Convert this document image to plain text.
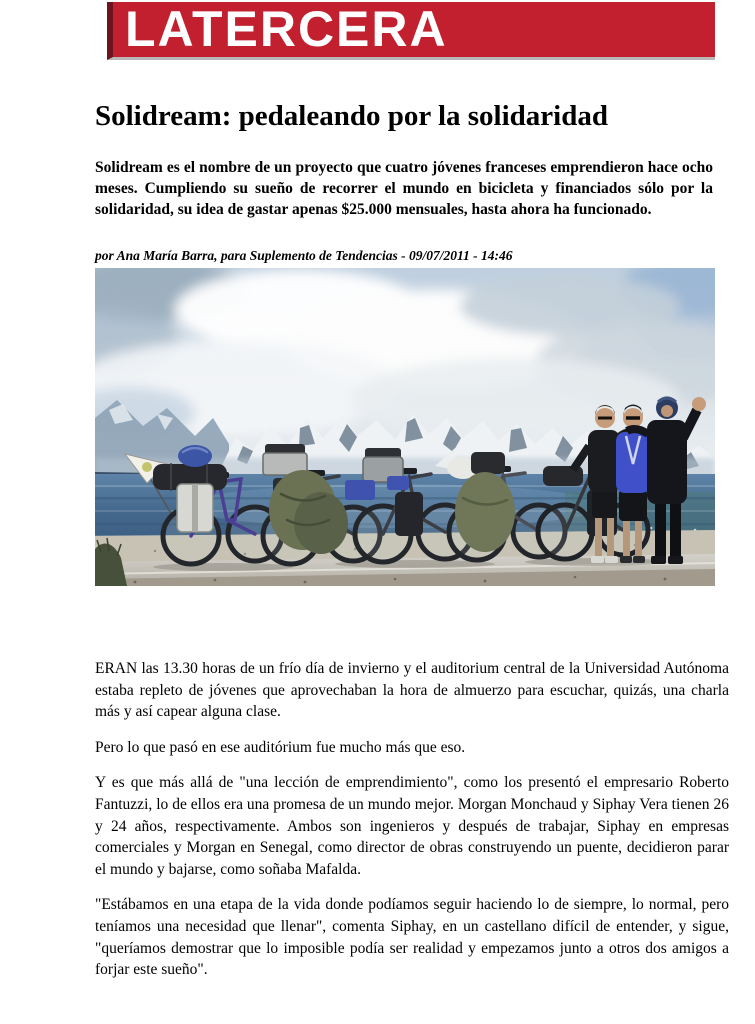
LATERCERA
Solidream: pedaleando por la solidaridad

Solidream es el nombre de un proyecto que cuatro jóvenes franceses emprendieron hace ocho meses. Cumpliendo su sueño de recorrer el mundo en bicicleta y financiados sólo por la solidaridad, su idea de gastar apenas $25.000 mensuales, hasta ahora ha funcionado.

por Ana María Barra, para Suplemento de Tendencias - 09/07/2011 - 14:46

ERAN las 13.30 horas de un frío día de invierno y el auditorium central de la Universidad Autónoma estaba repleto de jóvenes que aprovechaban la hora de almuerzo para escuchar, quizás, una charla más y así capear alguna clase.

Pero lo que pasó en ese auditórium fue mucho más que eso.

Y es que más allá de "una lección de emprendimiento", como los presentó el empresario Roberto Fantuzzi, lo de ellos era una promesa de un mundo mejor. Morgan Monchaud y Siphay Vera tienen 26 y 24 años, respectivamente. Ambos son ingenieros y después de trabajar, Siphay en empresas comerciales y Morgan en Senegal, como director de obras construyendo un puente, decidieron parar el mundo y bajarse, como soñaba Mafalda.

"Estábamos en una etapa de la vida donde podíamos seguir haciendo lo de siempre, lo normal, pero teníamos una necesidad que llenar", comenta Siphay, en un castellano difícil de entender, y sigue, "queríamos demostrar que lo imposible podía ser realidad y empezamos junto a otros dos amigos a forjar este sueño".
